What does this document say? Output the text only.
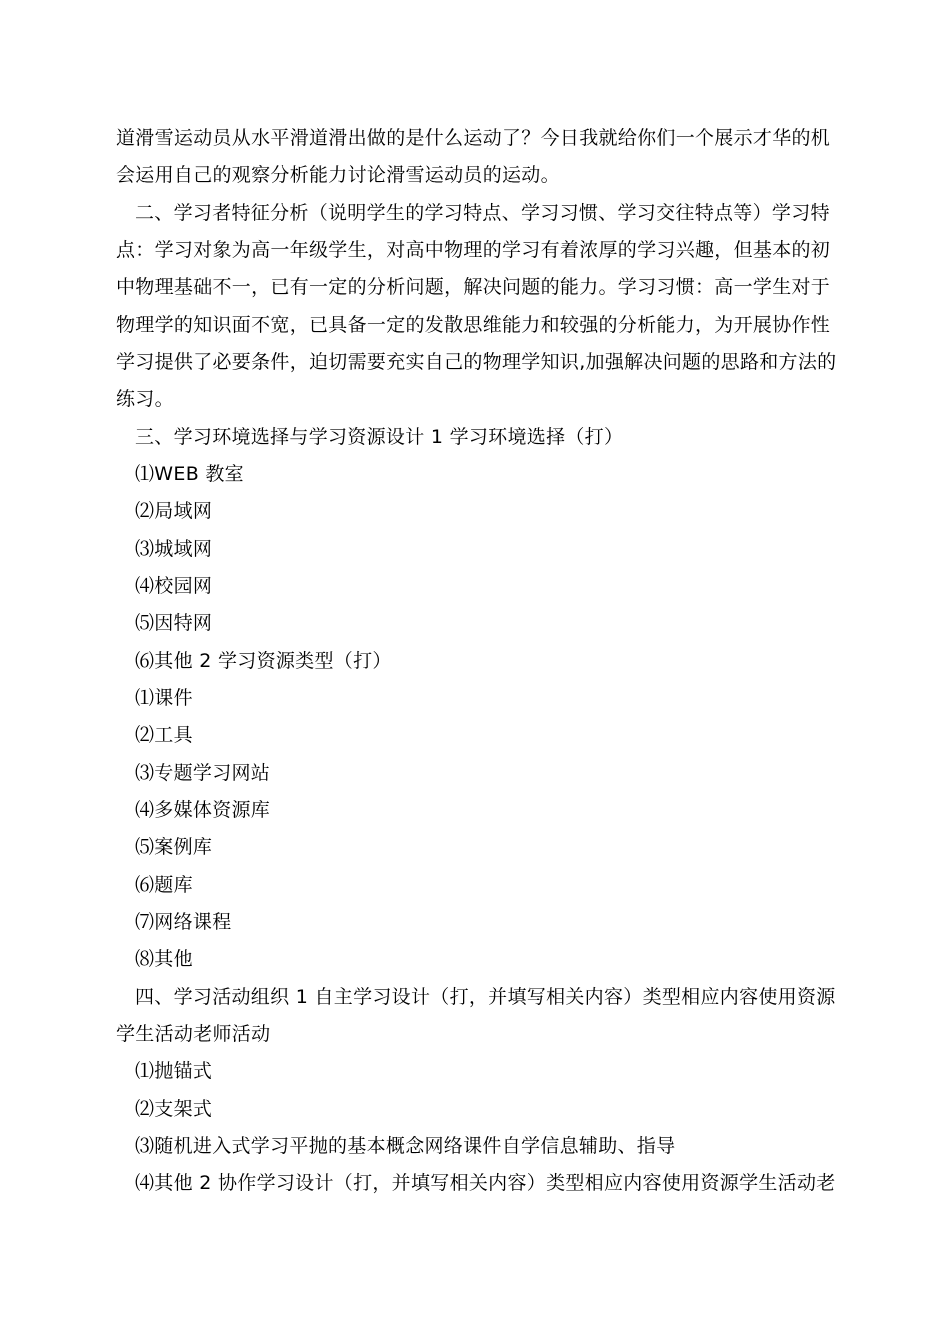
道滑雪运动员从水平滑道滑出做的是什么运动了？今日我就给你们一个展示才华的机
会运用自己的观察分析能力讨论滑雪运动员的运动。
二、学习者特征分析（说明学生的学习特点、学习习惯、学习交往特点等）学习特
点：学习对象为高一年级学生，对高中物理的学习有着浓厚的学习兴趣，但基本的初
中物理基础不一，已有一定的分析问题，解决问题的能力。学习习惯：高一学生对于
物理学的知识面不宽，已具备一定的发散思维能力和较强的分析能力，为开展协作性
学习提供了必要条件，迫切需要充实自己的物理学知识,加强解决问题的思路和方法的
练习。
三、学习环境选择与学习资源设计 1 学习环境选择（打）
⑴WEB 教室
⑵局域网
⑶城域网
⑷校园网
⑸因特网
⑹其他 2 学习资源类型（打）
⑴课件
⑵工具
⑶专题学习网站
⑷多媒体资源库
⑸案例库
⑹题库
⑺网络课程
⑻其他
四、学习活动组织 1 自主学习设计（打，并填写相关内容）类型相应内容使用资源
学生活动老师活动
⑴抛锚式
⑵支架式
⑶随机进入式学习平抛的基本概念网络课件自学信息辅助、指导
⑷其他 2 协作学习设计（打，并填写相关内容）类型相应内容使用资源学生活动老
